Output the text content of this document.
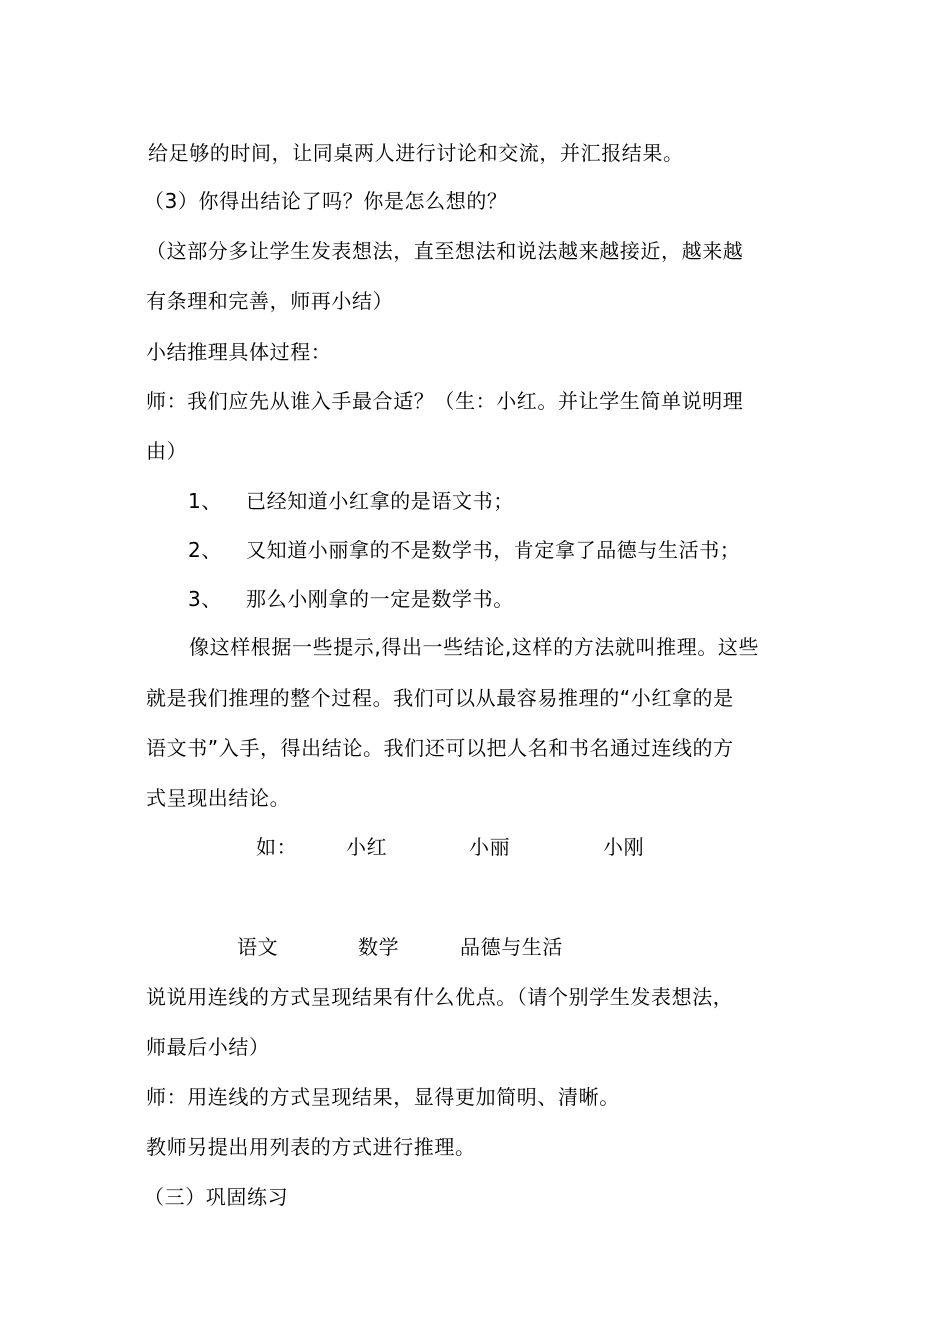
给足够的时间，让同桌两人进行讨论和交流，并汇报结果。
（3）你得出结论了吗？你是怎么想的？
（这部分多让学生发表想法，直至想法和说法越来越接近，越来越
有条理和完善，师再小结）
小结推理具体过程：
师：我们应先从谁入手最合适？（生：小红。并让学生简单说明理
由）
1、 已经知道小红拿的是语文书；
2、 又知道小丽拿的不是数学书，肯定拿了品德与生活书；
3、 那么小刚拿的一定是数学书。
像这样根据一些提示,得出一些结论,这样的方法就叫推理。这些
就是我们推理的整个过程。我们可以从最容易推理的“小红拿的是
语文书”入手，得出结论。我们还可以把人名和书名通过连线的方
式呈现出结论。
如： 小红	小丽	小刚
语文	数学	品德与生活
说说用连线的方式呈现结果有什么优点。（请个别学生发表想法，
师最后小结）
师：用连线的方式呈现结果，显得更加简明、清晰。
教师另提出用列表的方式进行推理。
（三）巩固练习
